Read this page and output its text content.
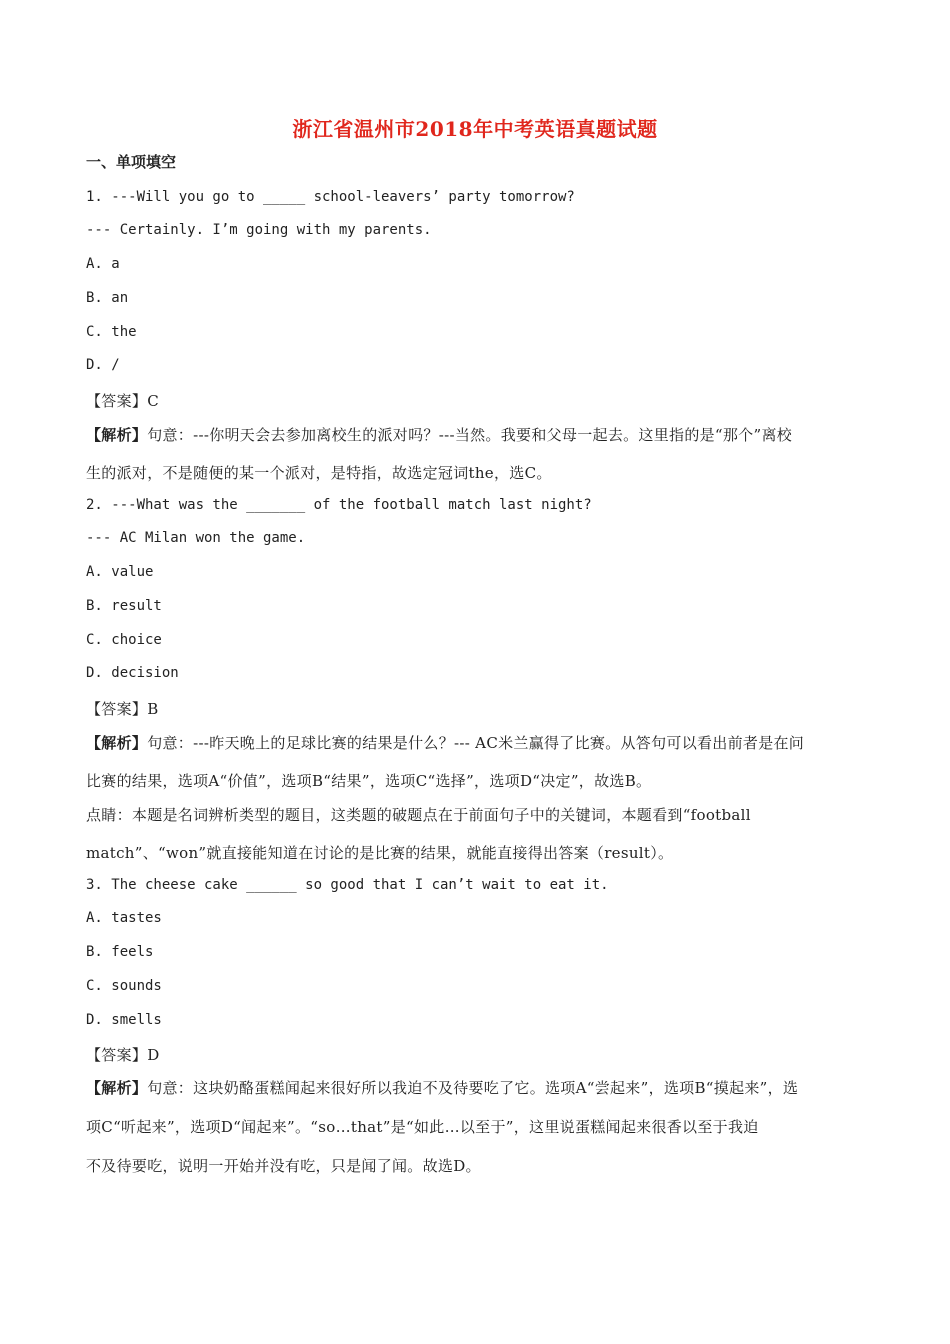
浙江省温州市2018年中考英语真题试题
一、单项填空
1. ---Will you go to _____ school-leavers’ party tomorrow?
--- Certainly. I’m going with my parents.
A. a
B. an
C. the
D. /
【答案】C
【解析】句意：---你明天会去参加离校生的派对吗？---当然。我要和父母一起去。这里指的是“那个”离校
生的派对，不是随便的某一个派对，是特指，故选定冠词the，选C。
2. ---What was the _______ of the football match last night?
--- AC Milan won the game.
A. value
B. result
C. choice
D. decision
【答案】B
【解析】句意：---昨天晚上的足球比赛的结果是什么？--- AC米兰赢得了比赛。从答句可以看出前者是在问
比赛的结果，选项A“价值”，选项B“结果”，选项C“选择”，选项D“决定”，故选B。
点睛：本题是名词辨析类型的题目，这类题的破题点在于前面句子中的关键词，本题看到“football
match”、“won”就直接能知道在讨论的是比赛的结果，就能直接得出答案（result）。
3. The cheese cake ______ so good that I can’t wait to eat it.
A. tastes
B. feels
C. sounds
D. smells
【答案】D
【解析】句意：这块奶酪蛋糕闻起来很好所以我迫不及待要吃了它。选项A“尝起来”，选项B“摸起来”，选
项C“听起来”，选项D“闻起来”。“so…that”是“如此…以至于”，这里说蛋糕闻起来很香以至于我迫
不及待要吃，说明一开始并没有吃，只是闻了闻。故选D。
